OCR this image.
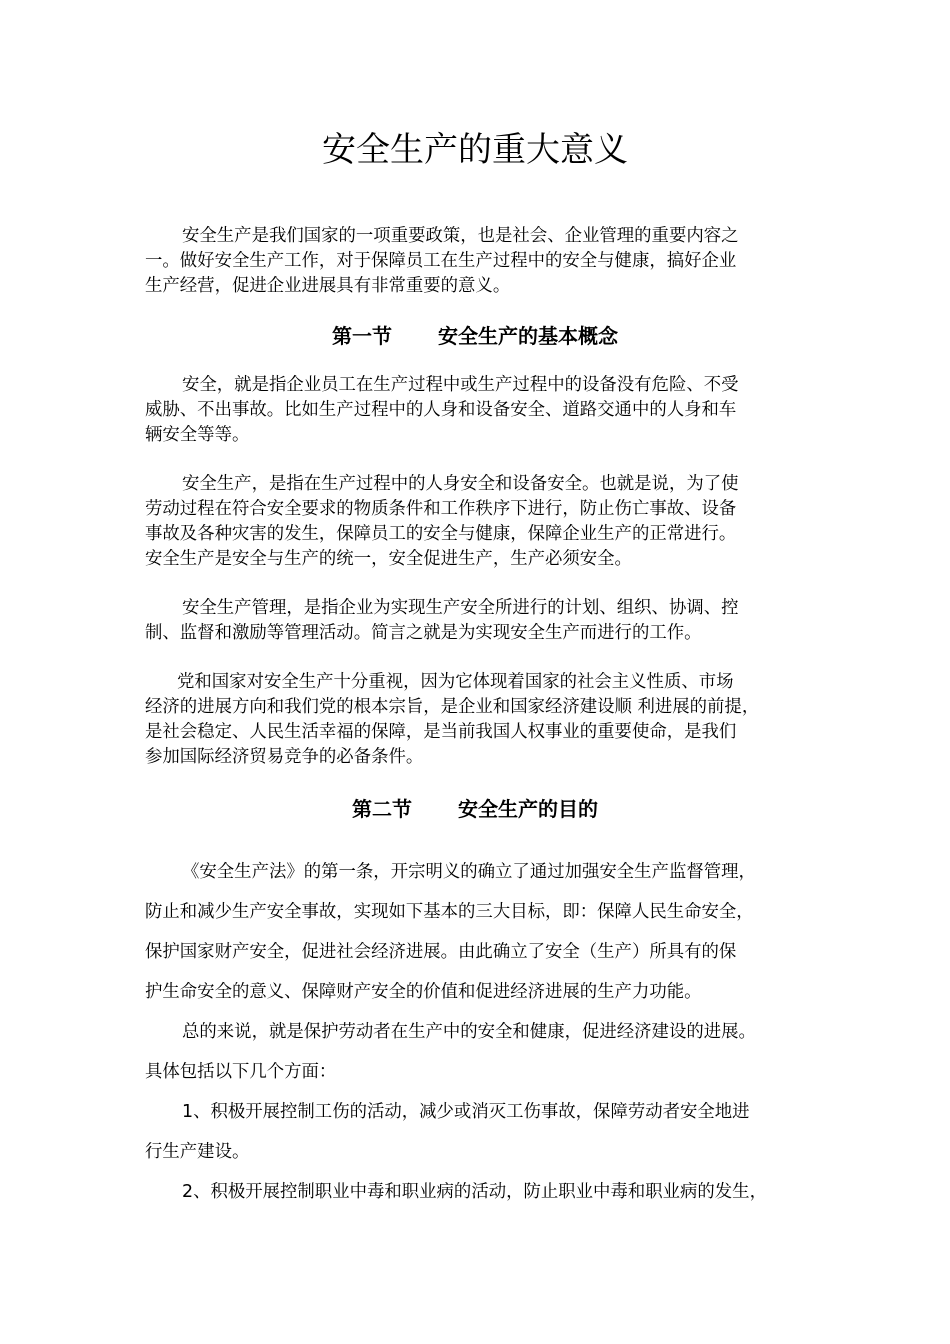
安全生产的重大意义
安全生产是我们国家的一项重要政策，也是社会、企业管理的重要内容之
一。做好安全生产工作，对于保障员工在生产过程中的安全与健康，搞好企业
生产经营，促进企业进展具有非常重要的意义。
第一节 安全生产的基本概念
安全，就是指企业员工在生产过程中或生产过程中的设备没有危险、不受
威胁、不出事故。比如生产过程中的人身和设备安全、道路交通中的人身和车
辆安全等等。
安全生产，是指在生产过程中的人身安全和设备安全。也就是说，为了使
劳动过程在符合安全要求的物质条件和工作秩序下进行，防止伤亡事故、设备
事故及各种灾害的发生，保障员工的安全与健康，保障企业生产的正常进行。
安全生产是安全与生产的统一，安全促进生产，生产必须安全。
安全生产管理，是指企业为实现生产安全所进行的计划、组织、协调、控
制、监督和激励等管理活动。简言之就是为实现安全生产而进行的工作。
党和国家对安全生产十分重视，因为它体现着国家的社会主义性质、市场
经济的进展方向和我们党的根本宗旨，是企业和国家经济建设顺 利进展的前提，
是社会稳定、人民生活幸福的保障，是当前我国人权事业的重要使命，是我们
参加国际经济贸易竞争的必备条件。
第二节 安全生产的目的
《安全生产法》的第一条，开宗明义的确立了通过加强安全生产监督管理，
防止和减少生产安全事故，实现如下基本的三大目标，即：保障人民生命安全，
保护国家财产安全，促进社会经济进展。由此确立了安全（生产）所具有的保
护生命安全的意义、保障财产安全的价值和促进经济进展的生产力功能。
总的来说，就是保护劳动者在生产中的安全和健康，促进经济建设的进展。
具体包括以下几个方面：
1、积极开展控制工伤的活动，减少或消灭工伤事故，保障劳动者安全地进
行生产建设。
2、积极开展控制职业中毒和职业病的活动，防止职业中毒和职业病的发生，
